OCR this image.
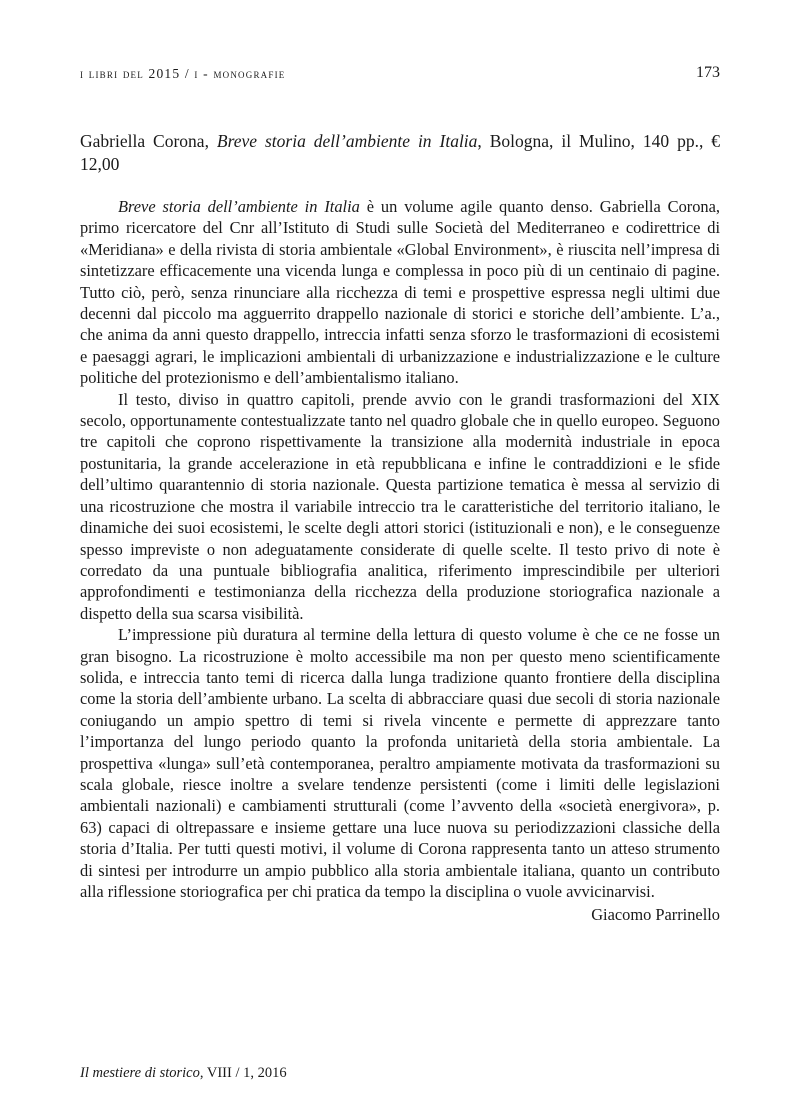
i libri del 2015 / i - monografie	173
Gabriella Corona, Breve storia dell’ambiente in Italia, Bologna, il Mulino, 140 pp., € 12,00

Breve storia dell’ambiente in Italia è un volume agile quanto denso. Gabriella Corona, primo ricercatore del Cnr all’Istituto di Studi sulle Società del Mediterraneo e codirettrice di «Meridiana» e della rivista di storia ambientale «Global Environment», è riuscita nell’impresa di sintetizzare efficacemente una vicenda lunga e complessa in poco più di un centinaio di pagine. Tutto ciò, però, senza rinunciare alla ricchezza di temi e prospettive espressa negli ultimi due decenni dal piccolo ma agguerrito drappello nazionale di storici e storiche dell’ambiente. L’a., che anima da anni questo drappello, intreccia infatti senza sforzo le trasformazioni di ecosistemi e paesaggi agrari, le implicazioni ambientali di urbanizzazione e industrializzazione e le culture politiche del protezionismo e dell’ambientalismo italiano.

Il testo, diviso in quattro capitoli, prende avvio con le grandi trasformazioni del XIX secolo, opportunamente contestualizzate tanto nel quadro globale che in quello europeo. Seguono tre capitoli che coprono rispettivamente la transizione alla modernità industriale in epoca postunitaria, la grande accelerazione in età repubblicana e infine le contraddizioni e le sfide dell’ultimo quarantennio di storia nazionale. Questa partizione tematica è messa al servizio di una ricostruzione che mostra il variabile intreccio tra le caratteristiche del territorio italiano, le dinamiche dei suoi ecosistemi, le scelte degli attori storici (istituzionali e non), e le conseguenze spesso impreviste o non adeguatamente considerate di quelle scelte. Il testo privo di note è corredato da una puntuale bibliografia analitica, riferimento imprescindibile per ulteriori approfondimenti e testimonianza della ricchezza della produzione storiografica nazionale a dispetto della sua scarsa visibilità.

L’impressione più duratura al termine della lettura di questo volume è che ce ne fosse un gran bisogno. La ricostruzione è molto accessibile ma non per questo meno scientificamente solida, e intreccia tanto temi di ricerca dalla lunga tradizione quanto frontiere della disciplina come la storia dell’ambiente urbano. La scelta di abbracciare quasi due secoli di storia nazionale coniugando un ampio spettro di temi si rivela vincente e permette di apprezzare tanto l’importanza del lungo periodo quanto la profonda unitarietà della storia ambientale. La prospettiva «lunga» sull’età contemporanea, peraltro ampiamente motivata da trasformazioni su scala globale, riesce inoltre a svelare tendenze persistenti (come i limiti delle legislazioni ambientali nazionali) e cambiamenti strutturali (come l’avvento della «società energivora», p. 63) capaci di oltrepassare e insieme gettare una luce nuova su periodizzazioni classiche della storia d’Italia. Per tutti questi motivi, il volume di Corona rappresenta tanto un atteso strumento di sintesi per introdurre un ampio pubblico alla storia ambientale italiana, quanto un contributo alla riflessione storiografica per chi pratica da tempo la disciplina o vuole avvicinarvisi.

Giacomo Parrinello
Il mestiere di storico, VIII / 1, 2016
